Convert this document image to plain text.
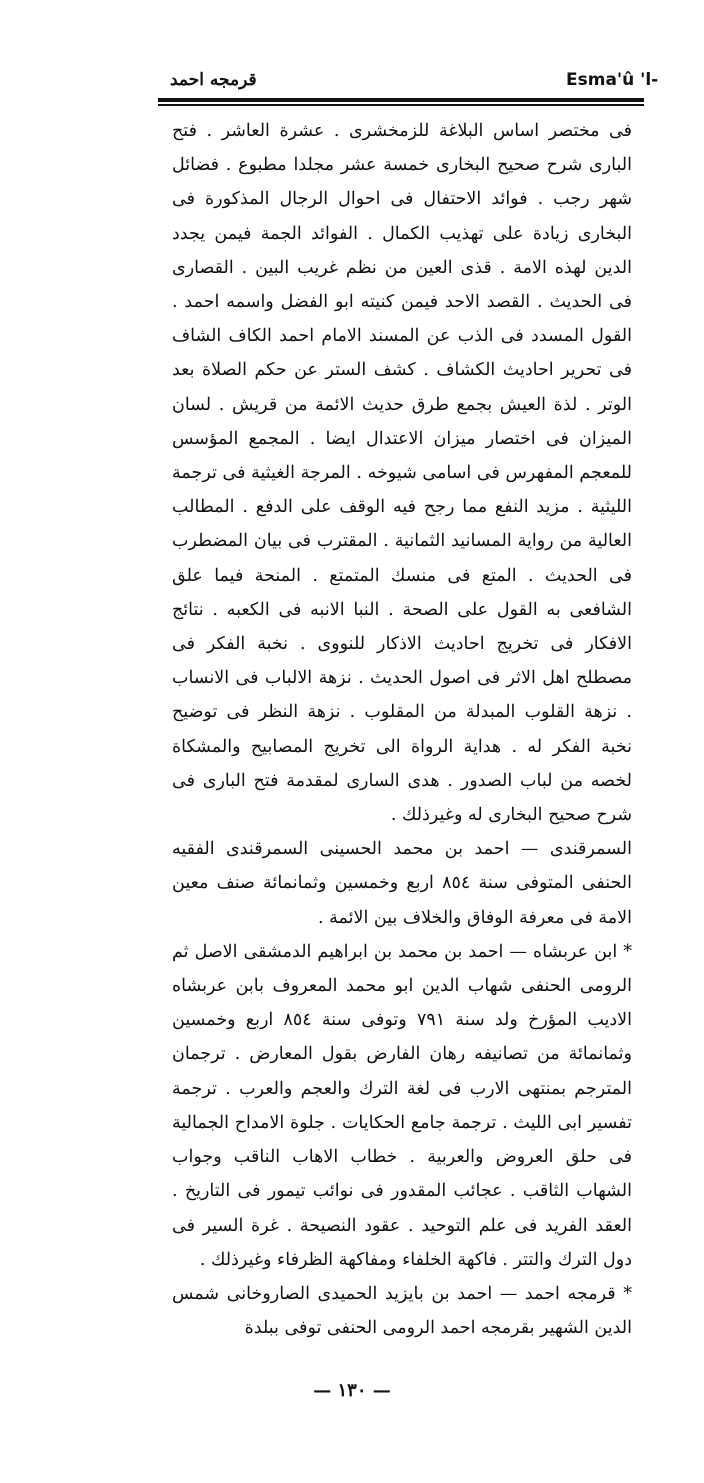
Esma'û 'l-
قرمجه احمد

فى مختصر اساس البلاغة للزمخشرى . عشرة العاشر . فتح البارى شرح صحيح البخارى خمسة عشر مجلدا مطبوع . فضائل شهر رجب . فوائد الاحتفال فى احوال الرجال المذكورة فى البخارى زيادة على تهذيب الكمال . الفوائد الجمة فيمن يجدد الدين لهذه الامة . قذى العين من نظم غريب البين . القصارى فى الحديث . القصد الاحد فيمن كنيته ابو الفضل واسمه احمد . القول المسدد فى الذب عن المسند الامام احمد الكاف الشاف فى تحرير احاديث الكشاف . كشف الستر عن حكم الصلاة بعد الوتر . لذة العيش بجمع طرق حديث الائمة من قريش . لسان الميزان فى اختصار ميزان الاعتدال ايضا . المجمع المؤسس للمعجم المفهرس فى اسامى شيوخه . المرجة الغيثية فى ترجمة الليثية . مزيد النفع مما رجح فيه الوقف على الدفع . المطالب العالية من رواية المسانيد الثمانية . المقترب فى بيان المضطرب فى الحديث . المتع فى منسك المتمتع . المنحة فيما علق الشافعى به القول على الصحة . النبا الانبه فى الكعبه . نتائج الافكار فى تخريج احاديث الاذكار للنووى . نخبة الفكر فى مصطلح اهل الاثر فى اصول الحديث . نزهة الالباب فى الانساب . نزهة القلوب المبدلة من المقلوب . نزهة النظر فى توضيح نخبة الفكر له . هداية الرواة الى تخريج المصابيح والمشكاة لخصه من لباب الصدور . هدى السارى لمقدمة فتح البارى فى شرح صحيح البخارى له وغيرذلك .

السمرقندى — احمد بن محمد الحسينى السمرقندى الفقيه الحنفى المتوفى سنة ٨٥٤ اربع وخمسين وثمانمائة صنف معين الامة فى معرفة الوفاق والخلاف بين الائمة .

* ابن عربشاه — احمد بن محمد بن ابراهيم الدمشقى الاصل ثم الرومى الحنفى شهاب الدين ابو محمد المعروف بابن عربشاه الاديب المؤرخ ولد سنة ٧٩١ وتوفى سنة ٨٥٤ اربع وخمسين وثمانمائة من تصانيفه رهان الفارض بقول المعارض . ترجمان المترجم بمنتهى الارب فى لغة الترك والعجم والعرب . ترجمة تفسير ابى الليث . ترجمة جامع الحكايات . جلوة الامداح الجمالية فى حلق العروض والعربية . خطاب الاهاب الناقب وجواب الشهاب الثاقب . عجائب المقدور فى نوائب تيمور فى التاريخ . العقد الفريد فى علم التوحيد . عقود النصيحة . غرة السير فى دول الترك والتتر . فاكهة الخلفاء ومفاكهة الظرفاء وغيرذلك .

* قرمجه احمد — احمد بن بايزيد الحميدى الصاروخانى شمس الدين الشهير بقرمجه احمد الرومى الحنفى توفى ببلدة

— ١٣٠ —
